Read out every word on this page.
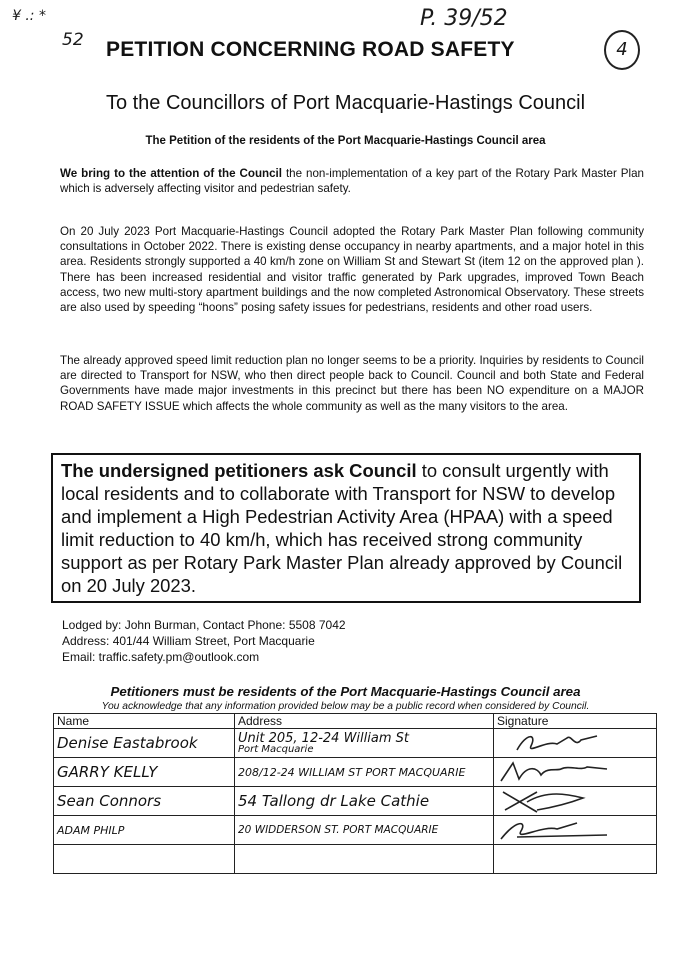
¥ .: *
52
P. 39/52
PETITION CONCERNING ROAD SAFETY	4
To the Councillors of Port Macquarie-Hastings Council
The Petition of the residents of the Port Macquarie-Hastings Council area
We bring to the attention of the Council the non-implementation of a key part of the Rotary Park Master Plan which is adversely affecting visitor and pedestrian safety.
On 20 July 2023 Port Macquarie-Hastings Council adopted the Rotary Park Master Plan following community consultations in October 2022. There is existing dense occupancy in nearby apartments, and a major hotel in this area. Residents strongly supported a 40 km/h zone on William St and Stewart St (item 12 on the approved plan ). There has been increased residential and visitor traffic generated by Park upgrades, improved Town Beach access, two new multi-story apartment buildings and the now completed Astronomical Observatory. These streets are also used by speeding “hoons” posing safety issues for pedestrians, residents and other road users.
The already approved speed limit reduction plan no longer seems to be a priority. Inquiries by residents to Council are directed to Transport for NSW, who then direct people back to Council. Council and both State and Federal Governments have made major investments in this precinct but there has been NO expenditure on a MAJOR ROAD SAFETY ISSUE which affects the whole community as well as the many visitors to the area.
The undersigned petitioners ask Council to consult urgently with local residents and to collaborate with Transport for NSW to develop and implement a High Pedestrian Activity Area (HPAA) with a speed limit reduction to 40 km/h, which has received strong community support as per Rotary Park Master Plan already approved by Council on 20 July 2023.
Lodged by: John Burman, Contact Phone: 5508 7042
Address: 401/44 William Street, Port Macquarie
Email: traffic.safety.pm@outlook.com
Petitioners must be residents of the Port Macquarie-Hastings Council area
You acknowledge that any information provided below may be a public record when considered by Council.
Name	Address	Signature
Denise Eastabrook	Unit 205, 12-24 William St
Port Macquarie

GARRY KELLY	208/12-24 WILLIAM ST PORT MACQUARIE	

Sean Connors	54 Tallong dr Lake Cathie	

ADAM PHILP	20 WIDDERSON ST. PORT MACQUARIE	
